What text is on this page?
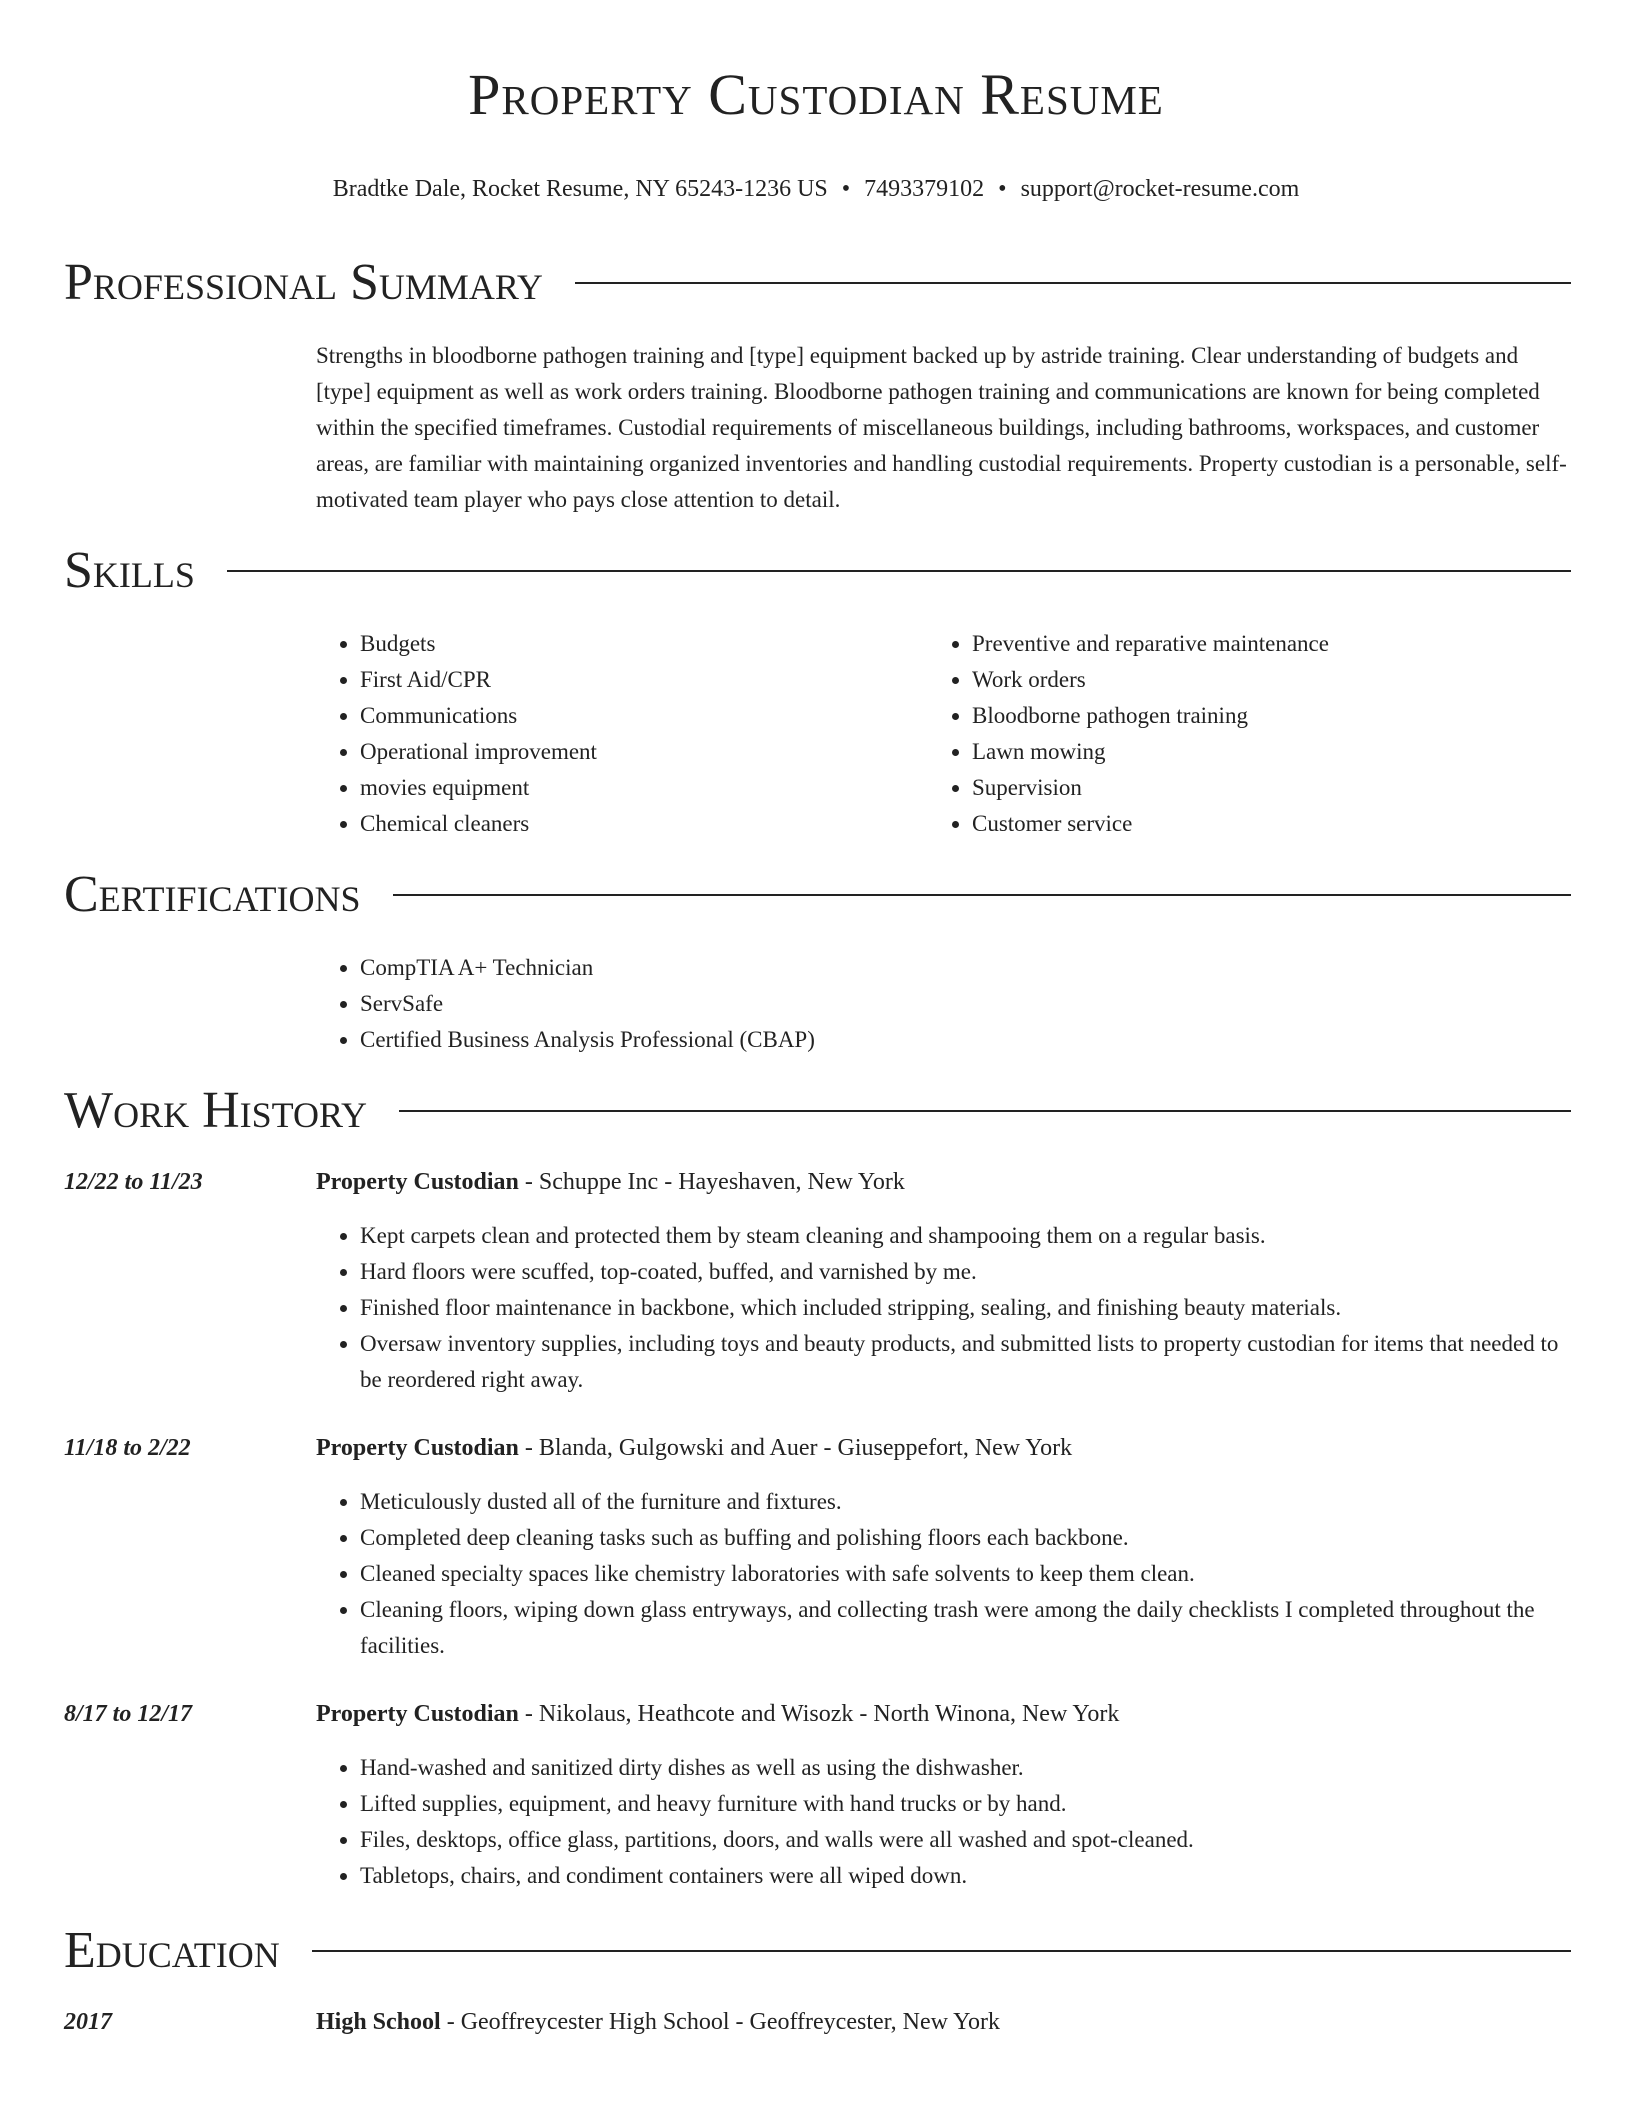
Property Custodian Resume
Bradtke Dale, Rocket Resume, NY 65243-1236 US • 7493379102 • support@rocket-resume.com
Professional Summary
Strengths in bloodborne pathogen training and [type] equipment backed up by astride training. Clear understanding of budgets and [type] equipment as well as work orders training. Bloodborne pathogen training and communications are known for being completed within the specified timeframes. Custodial requirements of miscellaneous buildings, including bathrooms, workspaces, and customer areas, are familiar with maintaining organized inventories and handling custodial requirements. Property custodian is a personable, self-motivated team player who pays close attention to detail.
Skills
• Budgets
• First Aid/CPR
• Communications
• Operational improvement
• movies equipment
• Chemical cleaners
• Preventive and reparative maintenance
• Work orders
• Bloodborne pathogen training
• Lawn mowing
• Supervision
• Customer service
Certifications
• CompTIA A+ Technician
• ServSafe
• Certified Business Analysis Professional (CBAP)
Work History
12/22 to 11/23	Property Custodian - Schuppe Inc - Hayeshaven, New York
• Kept carpets clean and protected them by steam cleaning and shampooing them on a regular basis.
• Hard floors were scuffed, top-coated, buffed, and varnished by me.
• Finished floor maintenance in backbone, which included stripping, sealing, and finishing beauty materials.
• Oversaw inventory supplies, including toys and beauty products, and submitted lists to property custodian for items that needed to be reordered right away.
11/18 to 2/22	Property Custodian - Blanda, Gulgowski and Auer - Giuseppefort, New York
• Meticulously dusted all of the furniture and fixtures.
• Completed deep cleaning tasks such as buffing and polishing floors each backbone.
• Cleaned specialty spaces like chemistry laboratories with safe solvents to keep them clean.
• Cleaning floors, wiping down glass entryways, and collecting trash were among the daily checklists I completed throughout the facilities.
8/17 to 12/17	Property Custodian - Nikolaus, Heathcote and Wisozk - North Winona, New York
• Hand-washed and sanitized dirty dishes as well as using the dishwasher.
• Lifted supplies, equipment, and heavy furniture with hand trucks or by hand.
• Files, desktops, office glass, partitions, doors, and walls were all washed and spot-cleaned.
• Tabletops, chairs, and condiment containers were all wiped down.
Education
2017	High School - Geoffreycester High School - Geoffreycester, New York
